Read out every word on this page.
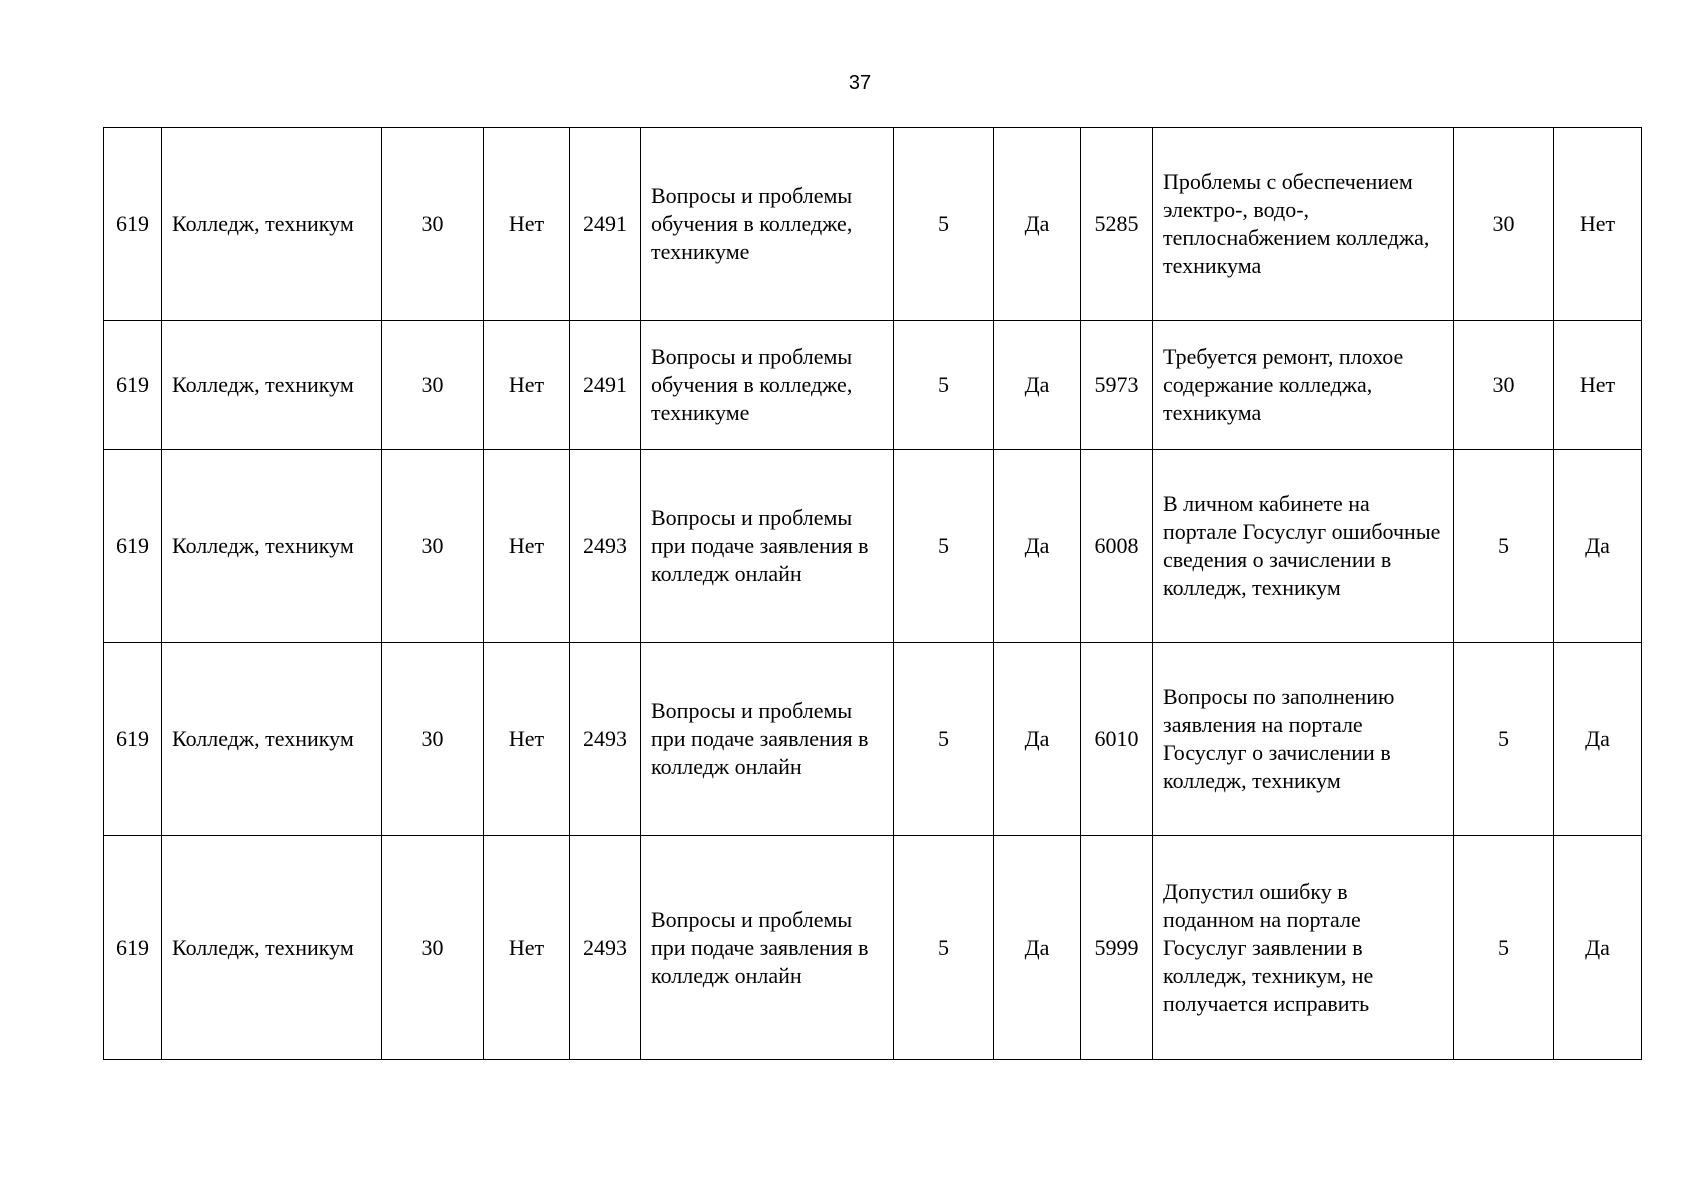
37
619	Колледж, техникум	30	Нет	2491	Вопросы и проблемы обучения в колледже, техникуме	5	Да	5285	Проблемы с обеспечением электро-, водо-, теплоснабжением колледжа, техникума	30	Нет
619	Колледж, техникум	30	Нет	2491	Вопросы и проблемы обучения в колледже, техникуме	5	Да	5973	Требуется ремонт, плохое содержание колледжа, техникума	30	Нет
619	Колледж, техникум	30	Нет	2493	Вопросы и проблемы при подаче заявления в колледж онлайн	5	Да	6008	В личном кабинете на портале Госуслуг ошибочные сведения о зачислении в колледж, техникум	5	Да
619	Колледж, техникум	30	Нет	2493	Вопросы и проблемы при подаче заявления в колледж онлайн	5	Да	6010	Вопросы по заполнению заявления на портале Госуслуг о зачислении в колледж, техникум	5	Да
619	Колледж, техникум	30	Нет	2493	Вопросы и проблемы при подаче заявления в колледж онлайн	5	Да	5999	Допустил ошибку в поданном на портале Госуслуг заявлении в колледж, техникум, не получается исправить	5	Да
